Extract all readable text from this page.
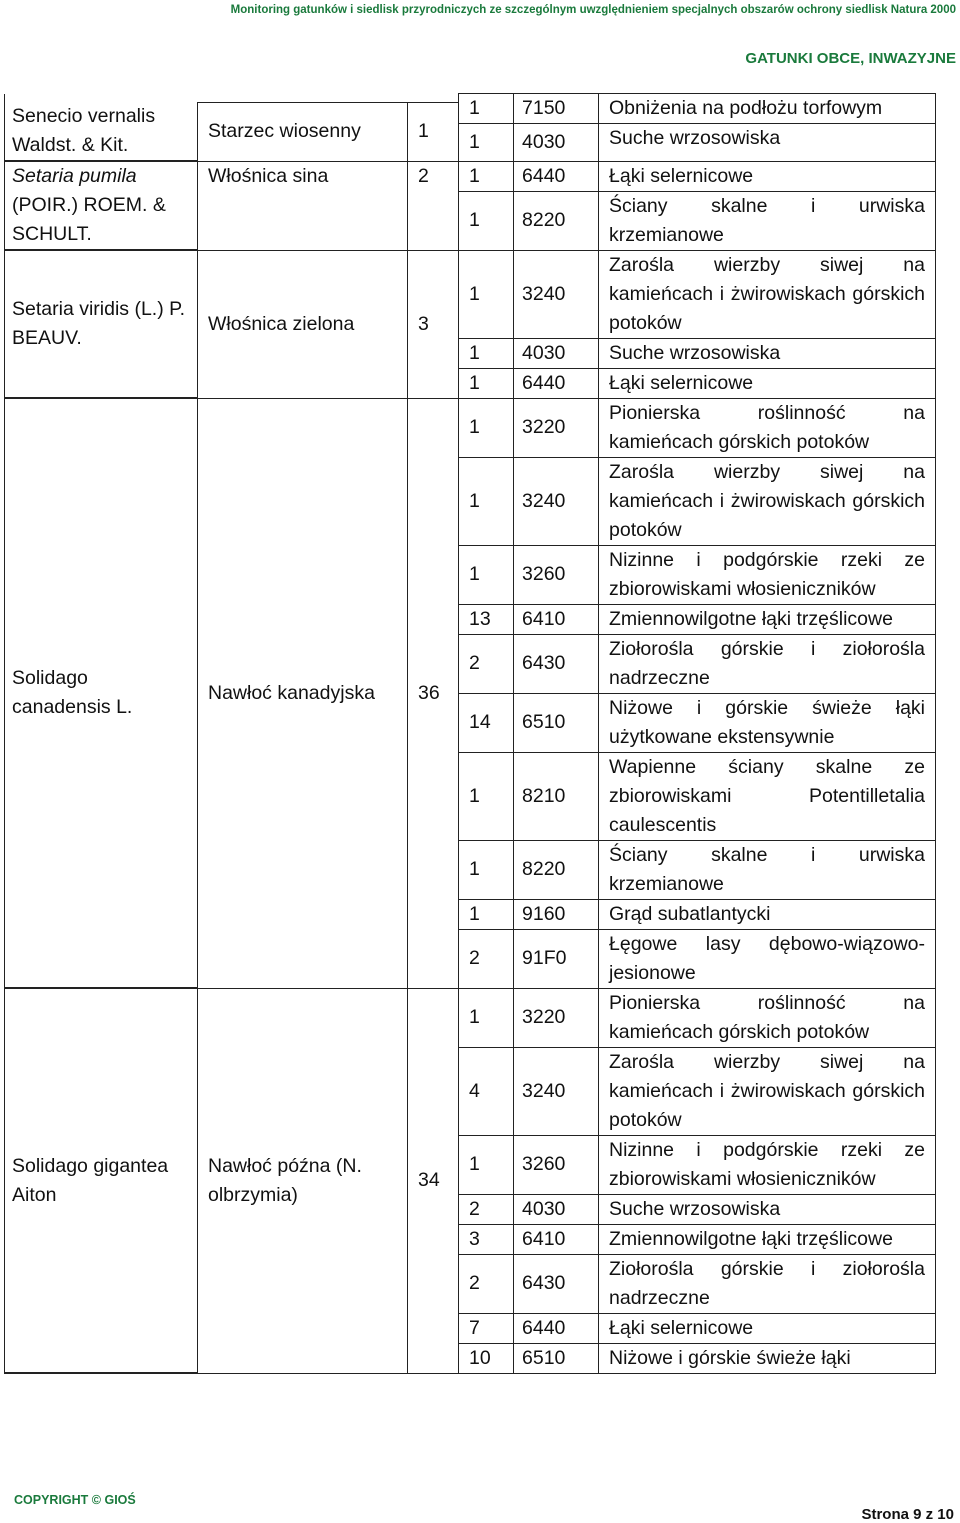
Monitoring gatunków i siedlisk przyrodniczych ze szczególnym uwzględnieniem specjalnych obszarów ochrony siedlisk Natura 2000
GATUNKI OBCE, INWAZYJNE
			1	7150	Obniżenia na podłożu torfowym
Senecio vernalis Waldst. & Kit.	Starzec wiosenny	1			
			1	4030	Suche wrzosowiska

Setaria pumila (POIR.) ROEM. & SCHULT.	Włośnica sina	2	1	6440	Łąki selernicowe
			1	8220	Ściany skalne i urwiska krzemianowe

Setaria viridis (L.) P. BEAUV.	Włośnica zielona	3	1	3240	Zarośla wierzby siwej na kamieńcach i żwirowiskach górskich potoków
			1	4030	Suche wrzosowiska
			1	6440	Łąki selernicowe
Solidago canadensis L.	Nawłoć kanadyjska	36	1	3220	Pionierska roślinność na kamieńcach górskich potoków
			1	3240	Zarośla wierzby siwej na kamieńcach i żwirowiskach górskich potoków
			1	3260	Nizinne i podgórskie rzeki ze zbiorowiskami włosieniczników
			13	6410	Zmiennowilgotne łąki trzęślicowe
			2	6430	Ziołorośla górskie i ziołorośla nadrzeczne
			14	6510	Niżowe i górskie świeże łąki użytkowane ekstensywnie
			1	8210	Wapienne ściany skalne ze zbiorowiskami Potentilletalia caulescentis
			1	8220	Ściany skalne i urwiska krzemianowe
			1	9160	Grąd subatlantycki
			2	91F0	Łęgowe lasy dębowo-wiązowo-jesionowe
Solidago gigantea Aiton	Nawłoć późna (N. olbrzymia)	34	1	3220	Pionierska roślinność na kamieńcach górskich potoków
			4	3240	Zarośla wierzby siwej na kamieńcach i żwirowiskach górskich potoków
			1	3260	Nizinne i podgórskie rzeki ze zbiorowiskami włosieniczników
			2	4030	Suche wrzosowiska
			3	6410	Zmiennowilgotne łąki trzęślicowe
			2	6430	Ziołorośla górskie i ziołorośla nadrzeczne
			7	6440	Łąki selernicowe
			10	6510	Niżowe i górskie świeże łąki
COPYRIGHT © GIOŚ
Strona 9 z 10
